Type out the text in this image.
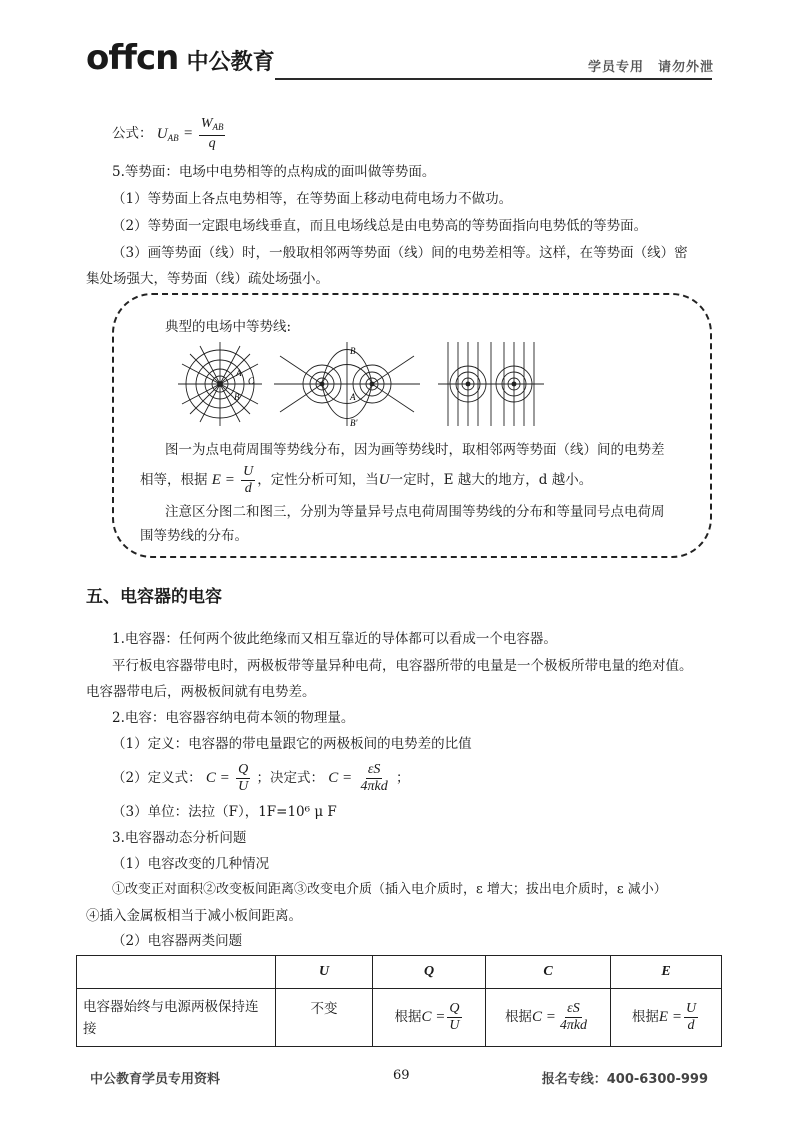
offcn 中公教育	学员专用　请勿外泄
公式： $U_{AB} = \frac{W_{AB}}{q}$
5.等势面：电场中电势相等的点构成的面叫做等势面。
（1）等势面上各点电势相等，在等势面上移动电荷电场力不做功。
（2）等势面一定跟电场线垂直，而且电场线总是由电势高的等势面指向电势低的等势面。
（3）画等势面（线）时，一般取相邻两等势面（线）间的电势差相等。这样，在等势面（线）密
集处场强大，等势面（线）疏处场强小。
典型的电场中等势线:
A
C
B
B
A
B'
图一为点电荷周围等势线分布，因为画等势线时，取相邻两等势面（线）间的电势差
相等，根据 $E = \frac{U}{d}$ ，定性分析可知，当U一定时，E 越大的地方，d 越小。
注意区分图二和图三，分别为等量异号点电荷周围等势线的分布和等量同号点电荷周
围等势线的分布。
五、电容器的电容
1.电容器：任何两个彼此绝缘而又相互靠近的导体都可以看成一个电容器。
平行板电容器带电时，两极板带等量异种电荷，电容器所带的电量是一个极板所带电量的绝对值。
电容器带电后，两极板间就有电势差。
2.电容：电容器容纳电荷本领的物理量。
（1）定义：电容器的带电量跟它的两极板间的电势差的比值
（2）定义式： $C = \frac{Q}{U}$ ；决定式： $C = \frac{\varepsilon S}{\text{4πkd}}$ ；
（3）单位：法拉（F），1F=10⁶ μ F
3.电容器动态分析问题
（1）电容改变的几种情况
①改变正对面积②改变板间距离③改变电介质（插入电介质时，ε 增大；拔出电介质时，ε 减小）
④插入金属板相当于减小板间距离。
（2）电容器两类问题
	U	Q	C	E
电容器始终与电源两极保持连接	不变	根据$C = \frac{Q}{U}$	根据$C = \frac{\varepsilon S}{\text{4πkd}}$	根据$E = \frac{U}{d}$
中公教育学员专用资料	69	报名专线：400-6300-999
